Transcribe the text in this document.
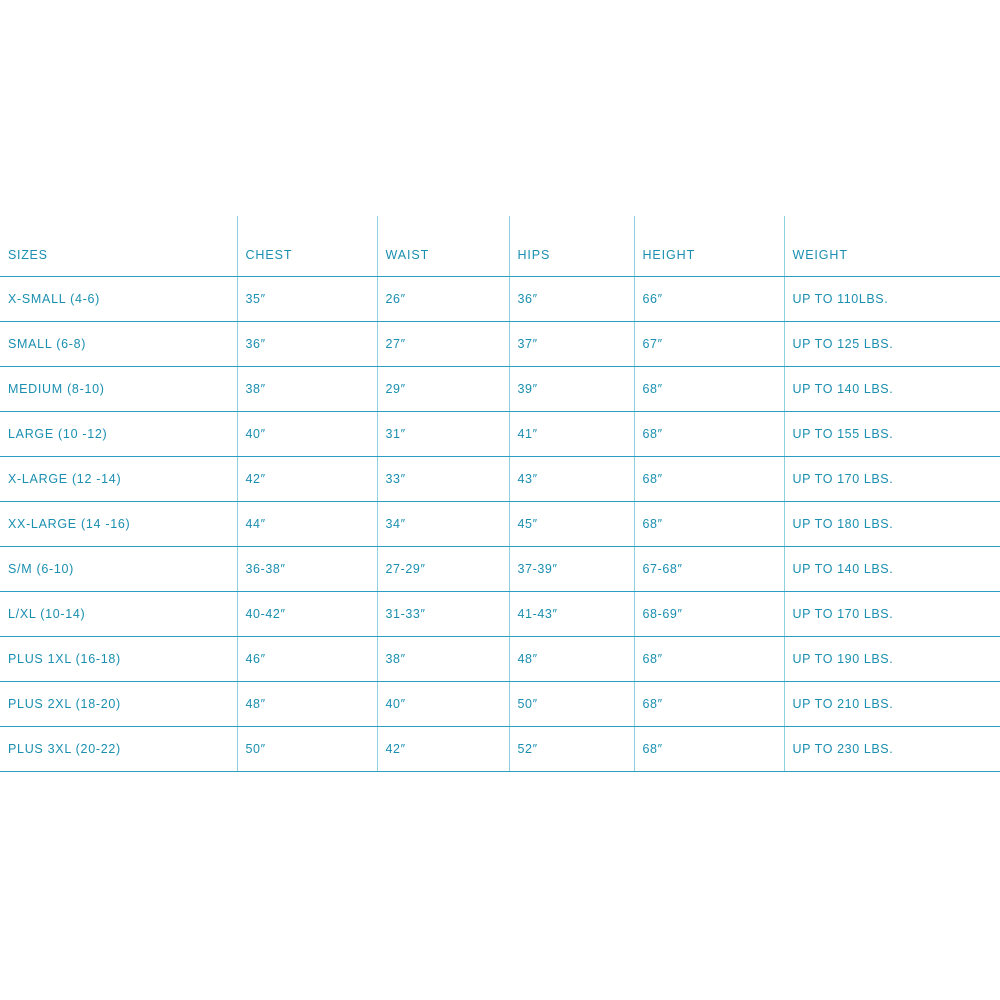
SIZES	CHEST	WAIST	HIPS	HEIGHT	WEIGHT
X-SMALL (4-6)	35″	26″	36″	66″	UP TO 110LBS.
SMALL (6-8)	36″	27″	37″	67″	UP TO 125 LBS.
MEDIUM (8-10)	38″	29″	39″	68″	UP TO 140 LBS.
LARGE (10 -12)	40″	31″	41″	68″	UP TO 155 LBS.
X-LARGE (12 -14)	42″	33″	43″	68″	UP TO 170 LBS.
XX-LARGE (14 -16)	44″	34″	45″	68″	UP TO 180 LBS.
S/M (6-10)	36-38″	27-29″	37-39″	67-68″	UP TO 140 LBS.
L/XL (10-14)	40-42″	31-33″	41-43″	68-69″	UP TO 170 LBS.
PLUS 1XL (16-18)	46″	38″	48″	68″	UP TO 190 LBS.
PLUS 2XL (18-20)	48″	40″	50″	68″	UP TO 210 LBS.
PLUS 3XL (20-22)	50″	42″	52″	68″	UP TO 230 LBS.
